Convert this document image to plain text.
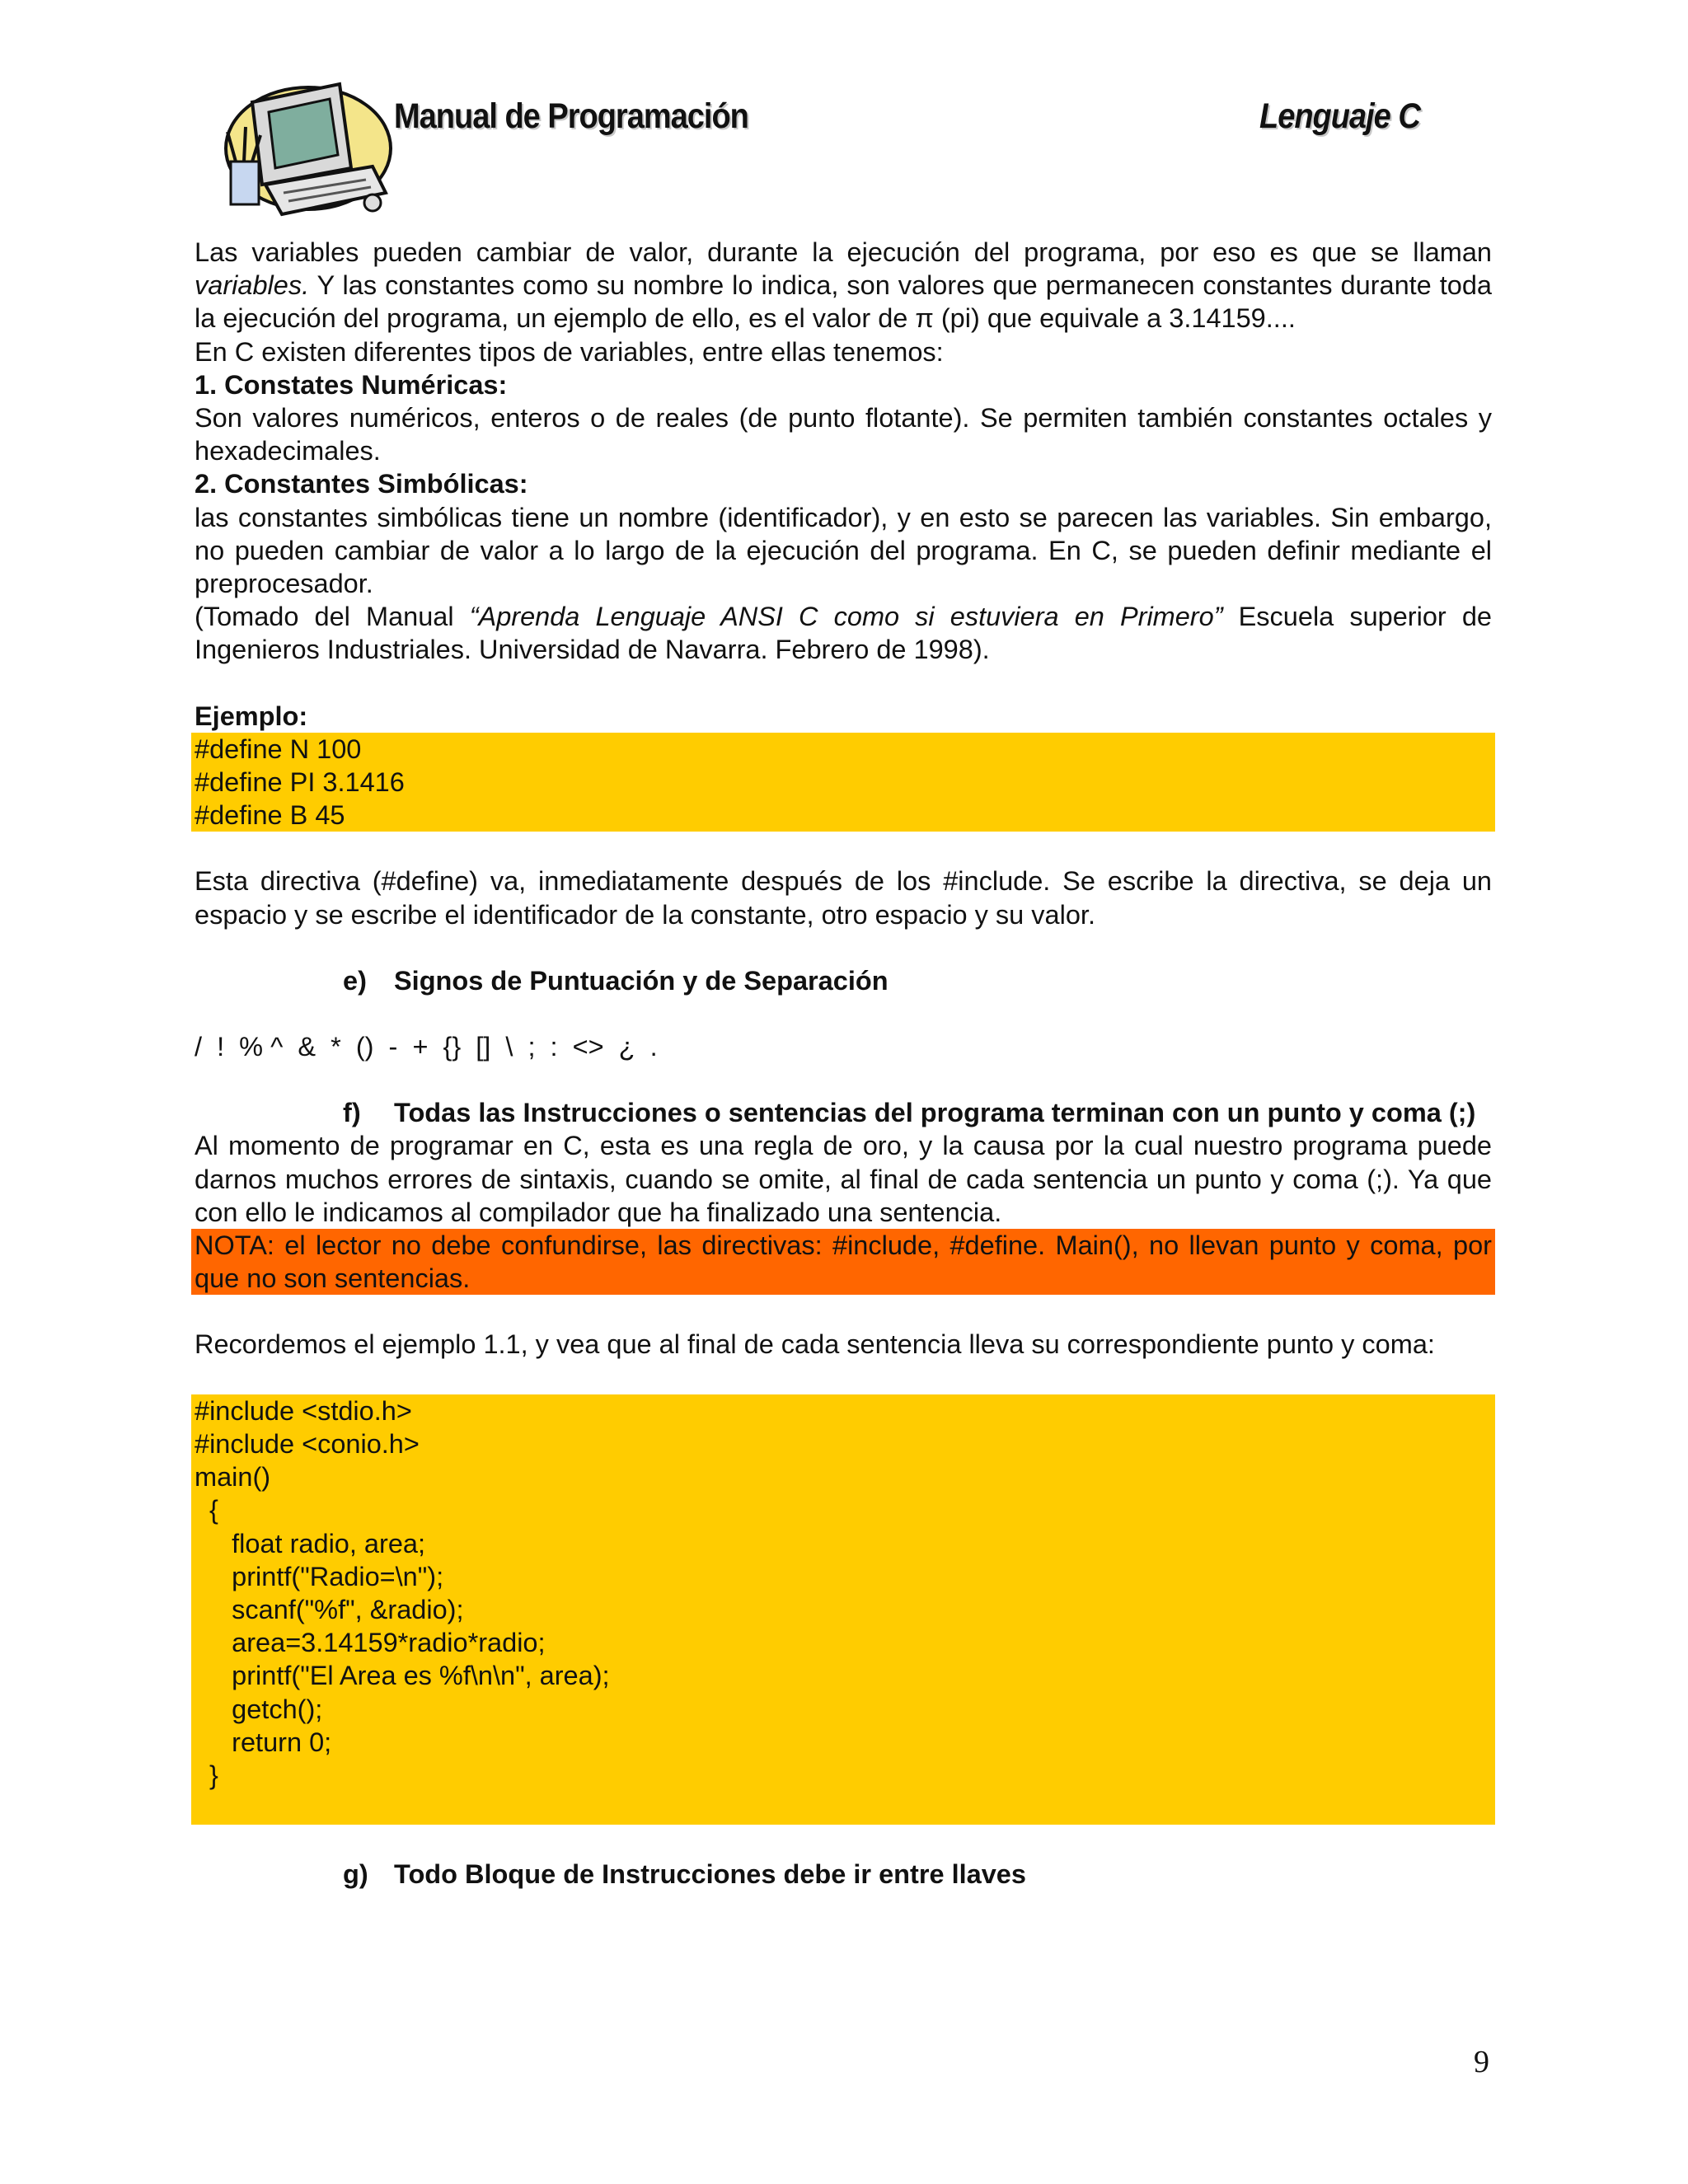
Manual de Programación	Lenguaje C

Las variables pueden cambiar de valor, durante la ejecución del programa, por eso es que se llaman variables. Y las constantes como su nombre lo indica, son valores que permanecen constantes durante toda la ejecución del programa, un ejemplo de ello, es el valor de π (pi) que equivale a 3.14159....

En C existen diferentes tipos de variables, entre ellas tenemos:

1. Constates Numéricas:

Son valores numéricos, enteros o de reales (de punto flotante). Se permiten también constantes octales y hexadecimales.

2. Constantes Simbólicas:

las constantes simbólicas tiene un nombre (identificador), y en esto se parecen las variables. Sin embargo, no pueden cambiar de valor a lo largo de la ejecución del programa. En C, se pueden definir mediante el preprocesador.

(Tomado del Manual “Aprenda Lenguaje ANSI C como si estuviera en Primero” Escuela superior de Ingenieros Industriales. Universidad de Navarra. Febrero de 1998).

Ejemplo:

#define N 100
#define PI 3.1416
#define B 45

Esta directiva (#define) va, inmediatamente después de los #include. Se escribe la directiva, se deja un espacio y se escribe el identificador de la constante, otro espacio y su valor.

e)	Signos de Puntuación y de Separación

/  !  % ^  &  *  ()  -  +  {}  []  \  ;  :  <>  ¿  .

f)	Todas las Instrucciones o sentencias del programa terminan con un punto y coma (;)

Al momento de programar en C, esta es una regla de oro, y la causa por la cual nuestro programa puede darnos muchos errores de sintaxis, cuando se omite, al final de cada sentencia un punto y coma (;). Ya que con ello le indicamos al compilador que ha finalizado una sentencia.

NOTA: el lector no debe confundirse, las directivas: #include, #define. Main(), no llevan punto y coma, por que no son sentencias.

Recordemos el ejemplo 1.1, y vea que al final de cada sentencia lleva su correspondiente punto y coma:

#include <stdio.h>
#include <conio.h>
main()
{
float radio, area;
printf("Radio=\n");
scanf("%f", &radio);
area=3.14159*radio*radio;
printf("El Area es %f\n\n", area);
getch();
return 0;
}
g) Todo Bloque de Instrucciones debe ir entre llaves
9
